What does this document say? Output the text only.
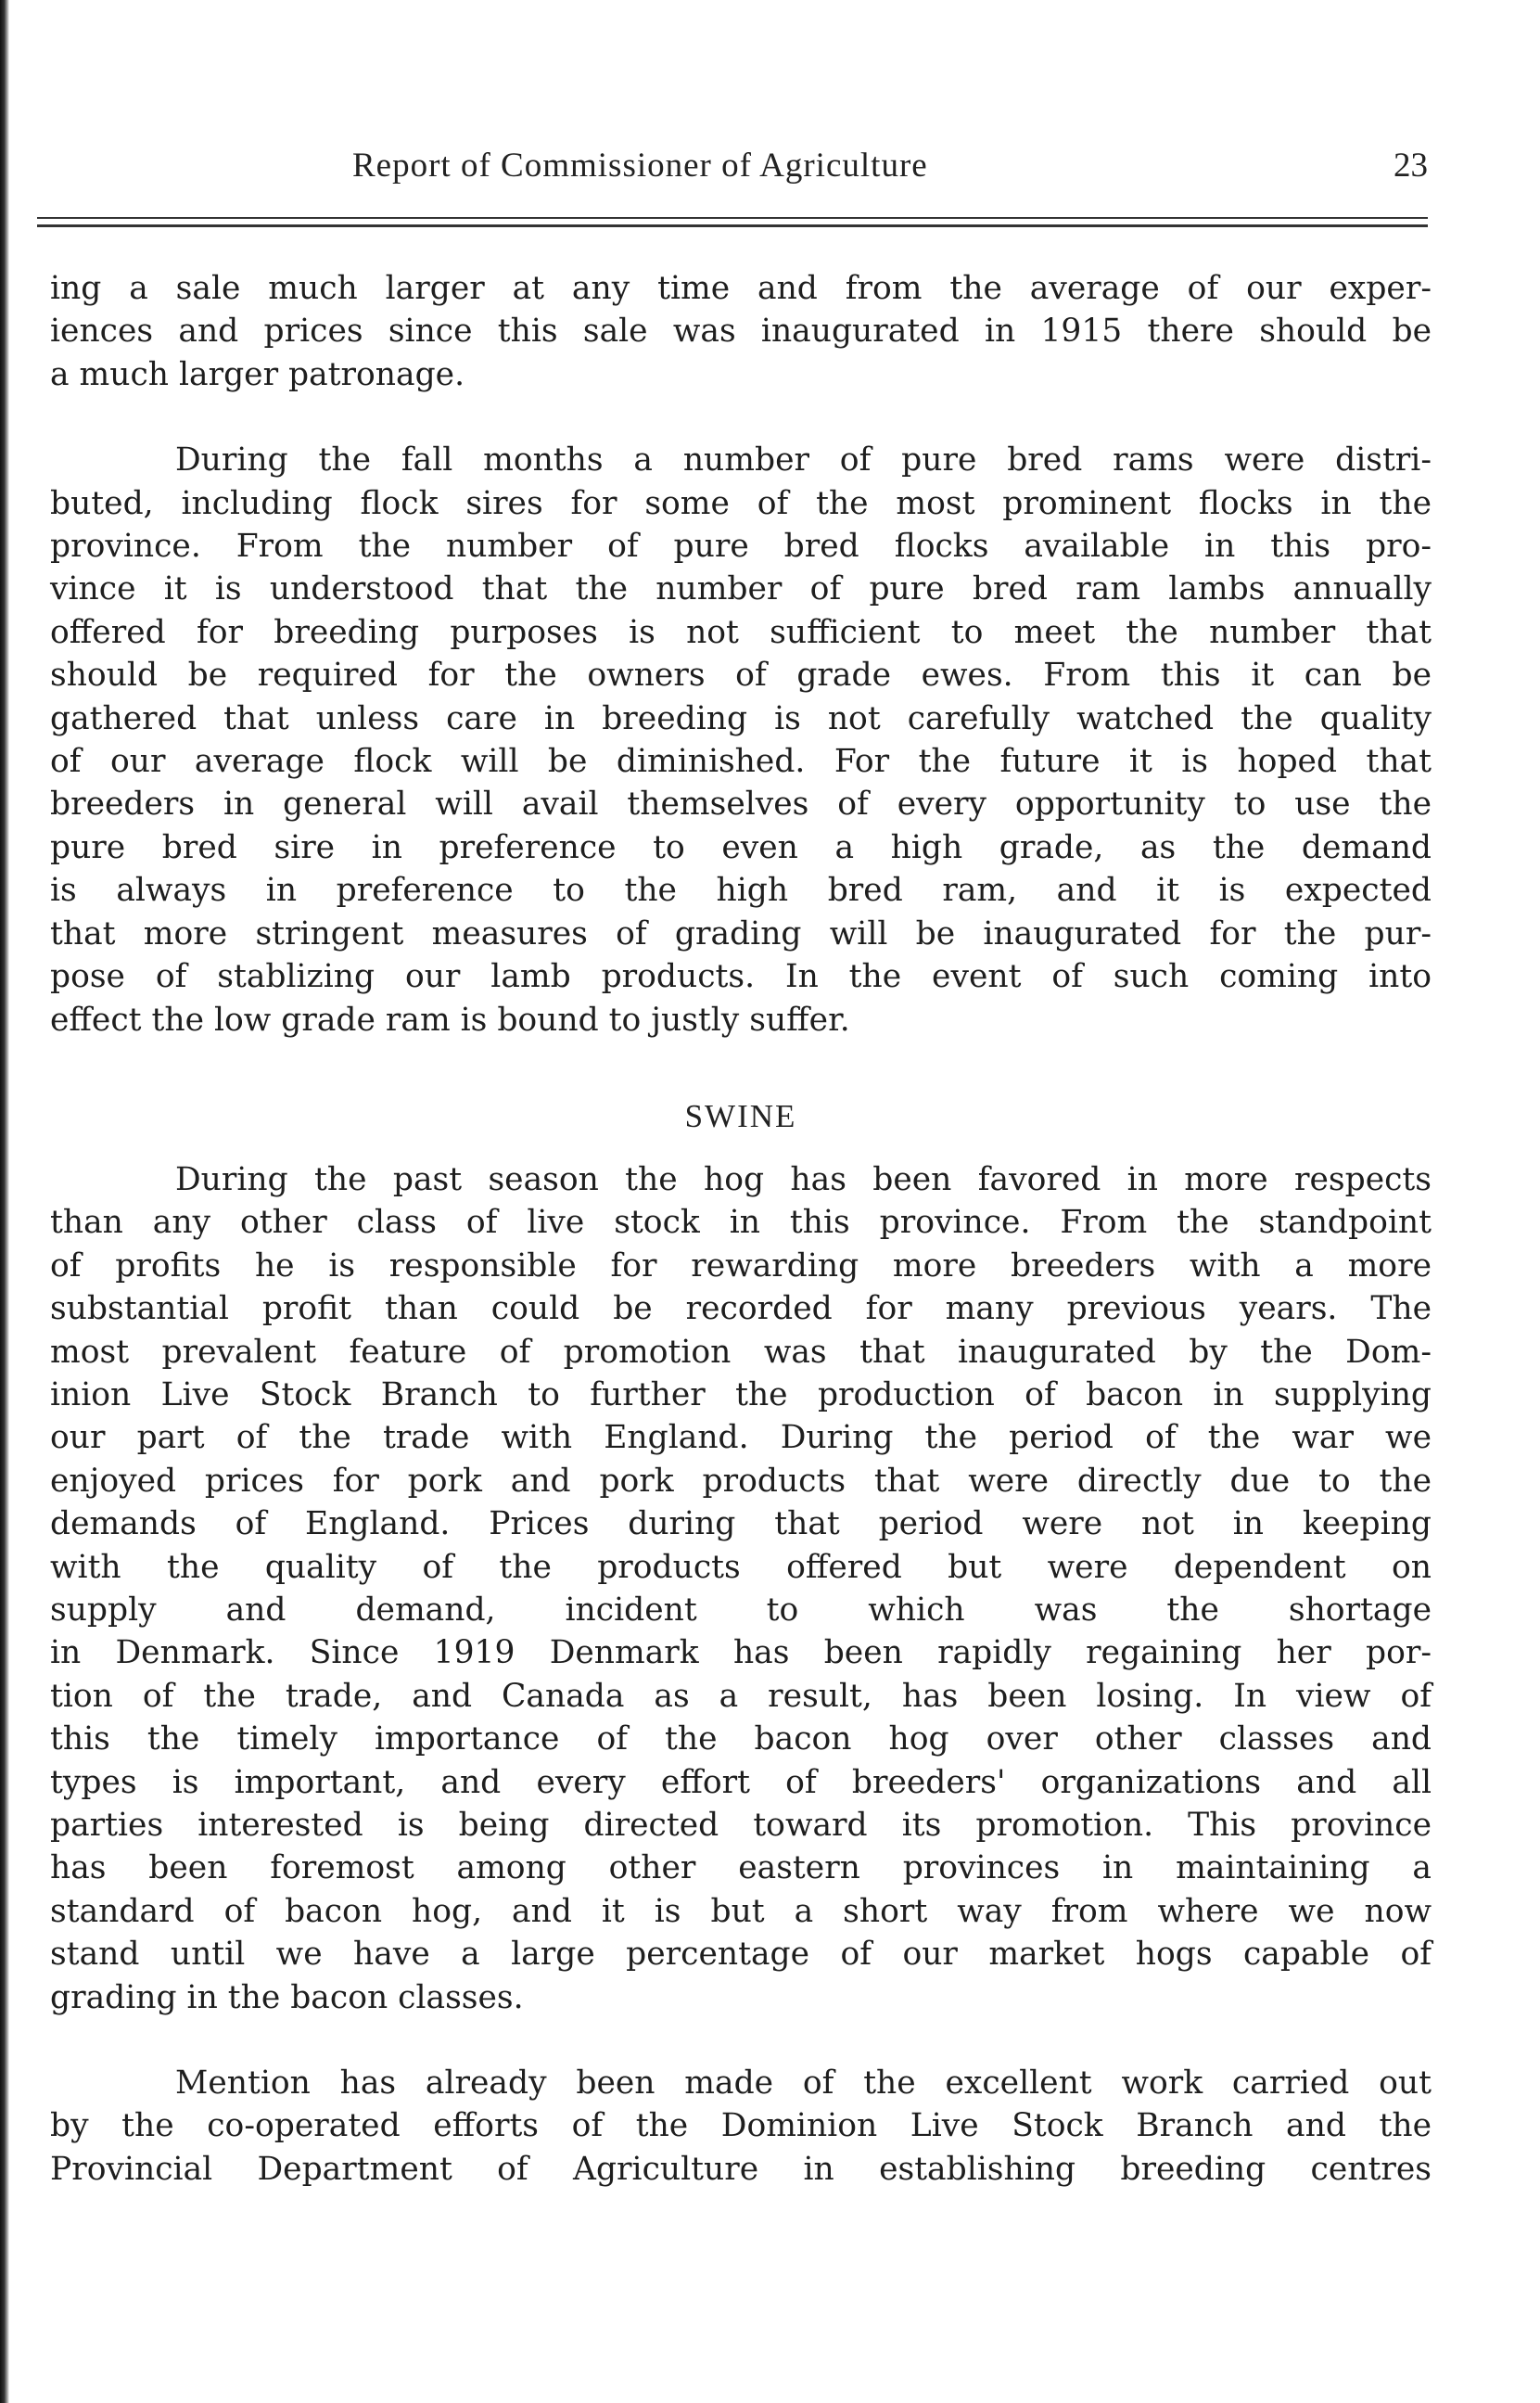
Report of Commissioner of Agriculture	23
ing a sale much larger at any time and from the average of our exper-
iences and prices since this sale was inaugurated in 1915 there should be
a much larger patronage.
During the fall months a number of pure bred rams were distri-
buted, including flock sires for some of the most prominent flocks in the
province. From the number of pure bred flocks available in this pro-
vince it is understood that the number of pure bred ram lambs annually
offered for breeding purposes is not sufficient to meet the number that
should be required for the owners of grade ewes. From this it can be
gathered that unless care in breeding is not carefully watched the quality
of our average flock will be diminished. For the future it is hoped that
breeders in general will avail themselves of every opportunity to use the
pure bred sire in preference to even a high grade, as the demand
is always in preference to the high bred ram, and it is expected
that more stringent measures of grading will be inaugurated for the pur-
pose of stablizing our lamb products. In the event of such coming into
effect the low grade ram is bound to justly suffer.
SWINE
During the past season the hog has been favored in more respects
than any other class of live stock in this province. From the standpoint
of profits he is responsible for rewarding more breeders with a more
substantial profit than could be recorded for many previous years. The
most prevalent feature of promotion was that inaugurated by the Dom-
inion Live Stock Branch to further the production of bacon in supplying
our part of the trade with England. During the period of the war we
enjoyed prices for pork and pork products that were directly due to the
demands of England. Prices during that period were not in keeping
with the quality of the products offered but were dependent on
supply and demand, incident to which was the shortage
in Denmark. Since 1919 Denmark has been rapidly regaining her por-
tion of the trade, and Canada as a result, has been losing. In view of
this the timely importance of the bacon hog over other classes and
types is important, and every effort of breeders' organizations and all
parties interested is being directed toward its promotion. This province
has been foremost among other eastern provinces in maintaining a
standard of bacon hog, and it is but a short way from where we now
stand until we have a large percentage of our market hogs capable of
grading in the bacon classes.
Mention has already been made of the excellent work carried out
by the co-operated efforts of the Dominion Live Stock Branch and the
Provincial Department of Agriculture in establishing breeding centres
